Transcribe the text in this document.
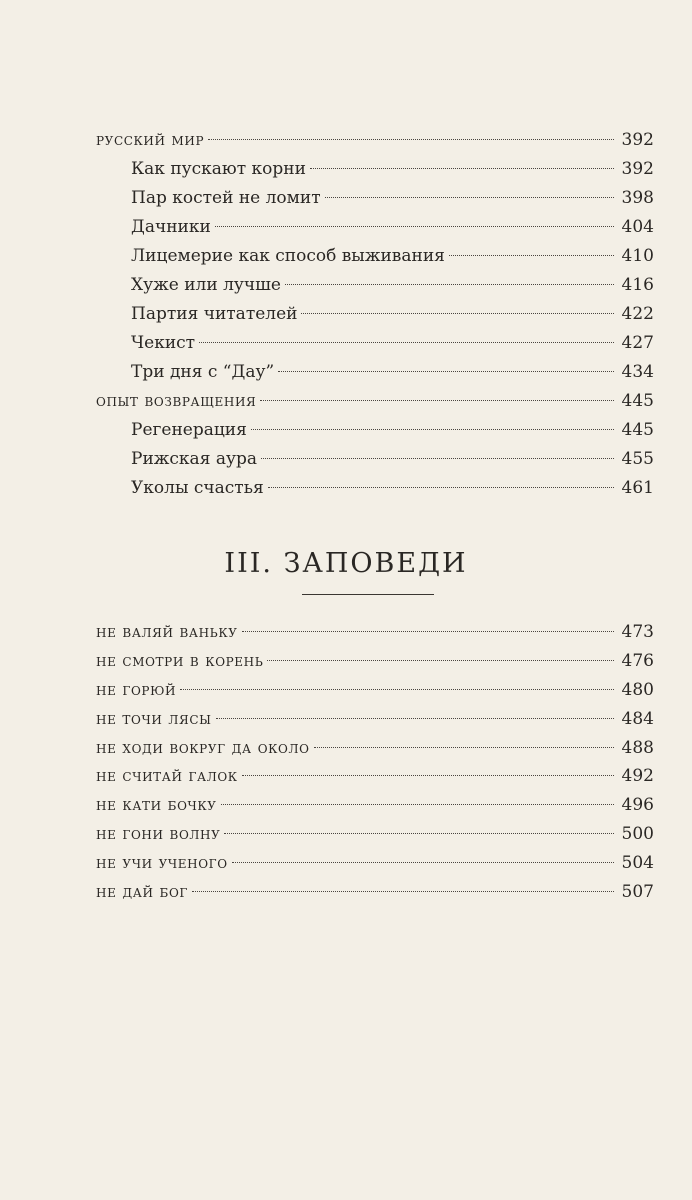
русский мир	392
Как пускают корни	392
Пар костей не ломит	398
Дачники	404
Лицемерие как способ выживания	410
Хуже или лучше	416
Партия читателей	422
Чекист	427
Три дня с “Дау”	434
опыт возвращения	445
Регенерация	445
Рижская аура	455
Уколы счастья	461
III. ЗАПОВЕДИ
не валяй ваньку	473
не смотри в корень	476
не горюй	480
не точи лясы	484
не ходи вокруг да около	488
не считай галок	492
не кати бочку	496
не гони волну	500
не учи ученого	504
не дай бог	507
